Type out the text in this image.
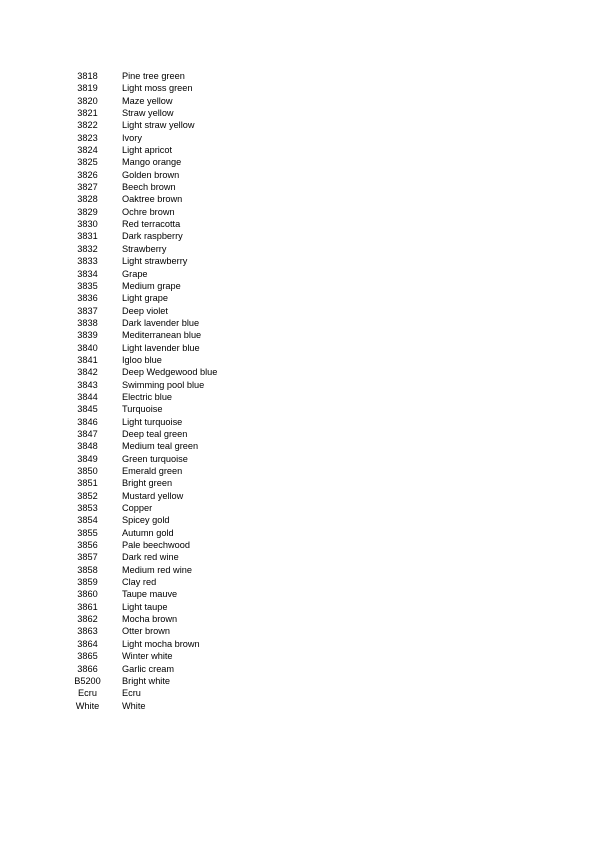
3818	Pine tree green
3819	Light moss green
3820	Maze yellow
3821	Straw yellow
3822	Light straw yellow
3823	Ivory
3824	Light apricot
3825	Mango orange
3826	Golden brown
3827	Beech brown
3828	Oaktree brown
3829	Ochre brown
3830	Red terracotta
3831	Dark raspberry
3832	Strawberry
3833	Light strawberry
3834	Grape
3835	Medium grape
3836	Light grape
3837	Deep violet
3838	Dark lavender blue
3839	Mediterranean blue
3840	Light lavender blue
3841	Igloo blue
3842	Deep Wedgewood blue
3843	Swimming pool blue
3844	Electric blue
3845	Turquoise
3846	Light turquoise
3847	Deep teal green
3848	Medium teal green
3849	Green turquoise
3850	Emerald green
3851	Bright green
3852	Mustard yellow
3853	Copper
3854	Spicey gold
3855	Autumn gold
3856	Pale beechwood
3857	Dark red wine
3858	Medium red wine
3859	Clay red
3860	Taupe mauve
3861	Light taupe
3862	Mocha brown
3863	Otter brown
3864	Light mocha brown
3865	Winter white
3866	Garlic cream
B5200	Bright white
Ecru	Ecru
White	White
